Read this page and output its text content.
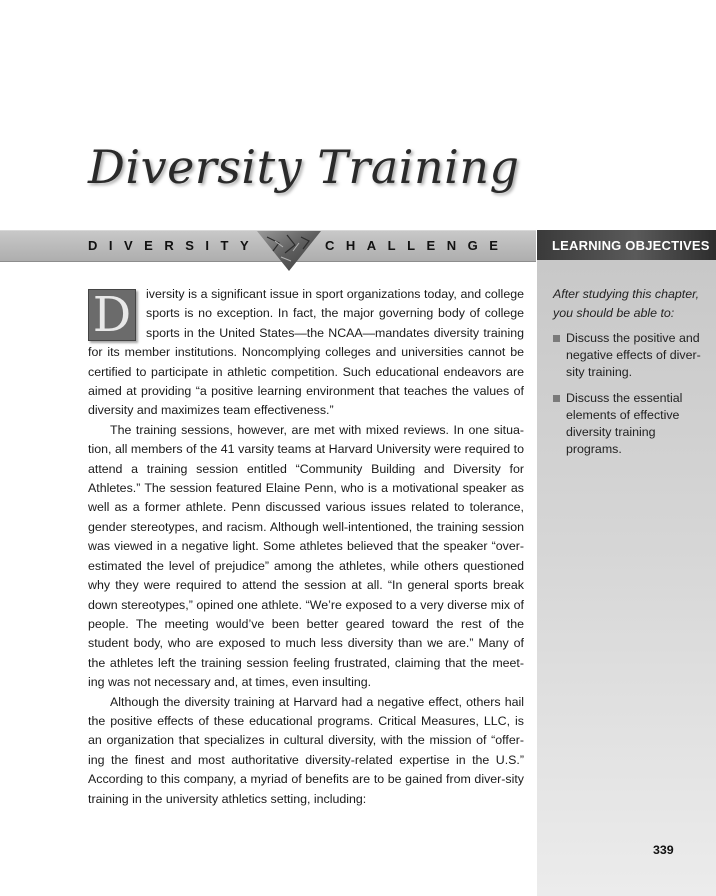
Diversity Training
DIVERSITY	CHALLENGE	LEARNING OBJECTIVES
After studying this chapter, you should be able to:
Discuss the positive and negative effects of diver-sity training.
Discuss the essential elements of effective diversity training programs.

D	iversity is a significant issue in sport organizations today, and college sports is no exception. In fact, the major governing body of college sports in the United States—the NCAA—mandates diversity training for its member institutions. Noncomplying colleges and universities cannot be certified to participate in athletic competition. Such educational endeavors are aimed at providing “a positive learning environment that teaches the values of diversity and maximizes team effectiveness.”

The training sessions, however, are met with mixed reviews. In one situa-tion, all members of the 41 varsity teams at Harvard University were required to attend a training session entitled “Community Building and Diversity for Athletes.” The session featured Elaine Penn, who is a motivational speaker as well as a former athlete. Penn discussed various issues related to tolerance, gender stereotypes, and racism. Although well-intentioned, the training session was viewed in a negative light. Some athletes believed that the speaker “over-estimated the level of prejudice” among the athletes, while others questioned why they were required to attend the session at all. “In general sports break down stereotypes,” opined one athlete. “We’re exposed to a very diverse mix of people. The meeting would’ve been better geared toward the rest of the student body, who are exposed to much less diversity than we are.” Many of the athletes left the training session feeling frustrated, claiming that the meet-ing was not necessary and, at times, even insulting.

Although the diversity training at Harvard had a negative effect, others hail the positive effects of these educational programs. Critical Measures, LLC, is an organization that specializes in cultural diversity, with the mission of “offer-ing the finest and most authoritative diversity-related expertise in the U.S.” According to this company, a myriad of benefits are to be gained from diver-sity training in the university athletics setting, including:

339
